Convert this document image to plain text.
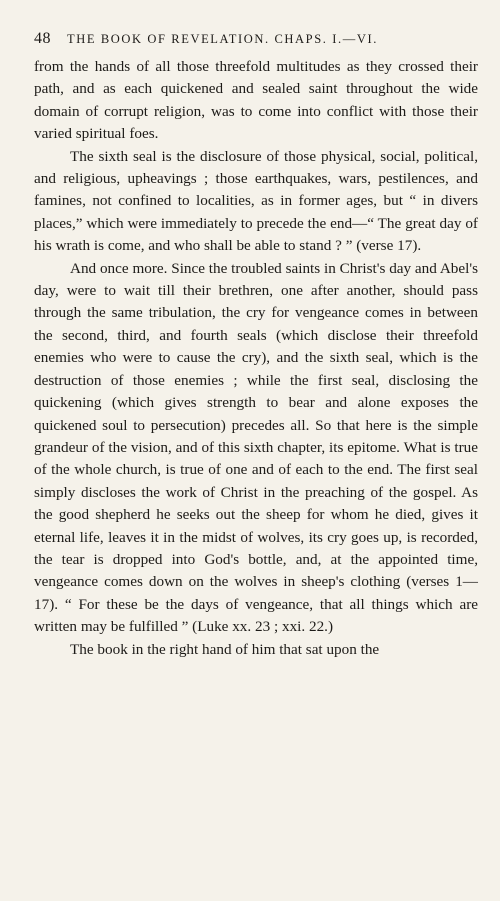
48 THE BOOK OF REVELATION. CHAPS. I.—VI.

from the hands of all those threefold multitudes as they crossed their path, and as each quickened and sealed saint throughout the wide domain of corrupt religion, was to come into conflict with those their varied spiritual foes.

The sixth seal is the disclosure of those physical, social, political, and religious, upheavings ; those earthquakes, wars, pestilences, and famines, not confined to localities, as in former ages, but “ in divers places,” which were immediately to precede the end—“ The great day of his wrath is come, and who shall be able to stand ? ” (verse 17).

And once more. Since the troubled saints in Christ's day and Abel's day, were to wait till their brethren, one after another, should pass through the same tribulation, the cry for vengeance comes in between the second, third, and fourth seals (which disclose their threefold enemies who were to cause the cry), and the sixth seal, which is the destruction of those enemies ; while the first seal, disclosing the quickening (which gives strength to bear and alone exposes the quickened soul to persecution) precedes all. So that here is the simple grandeur of the vision, and of this sixth chapter, its epitome. What is true of the whole church, is true of one and of each to the end. The first seal simply discloses the work of Christ in the preaching of the gospel. As the good shepherd he seeks out the sheep for whom he died, gives it eternal life, leaves it in the midst of wolves, its cry goes up, is recorded, the tear is dropped into God's bottle, and, at the appointed time, vengeance comes down on the wolves in sheep's clothing (verses 1—17). “ For these be the days of vengeance, that all things which are written may be fulfilled ” (Luke xx. 23 ; xxi. 22.)

The book in the right hand of him that sat upon the
